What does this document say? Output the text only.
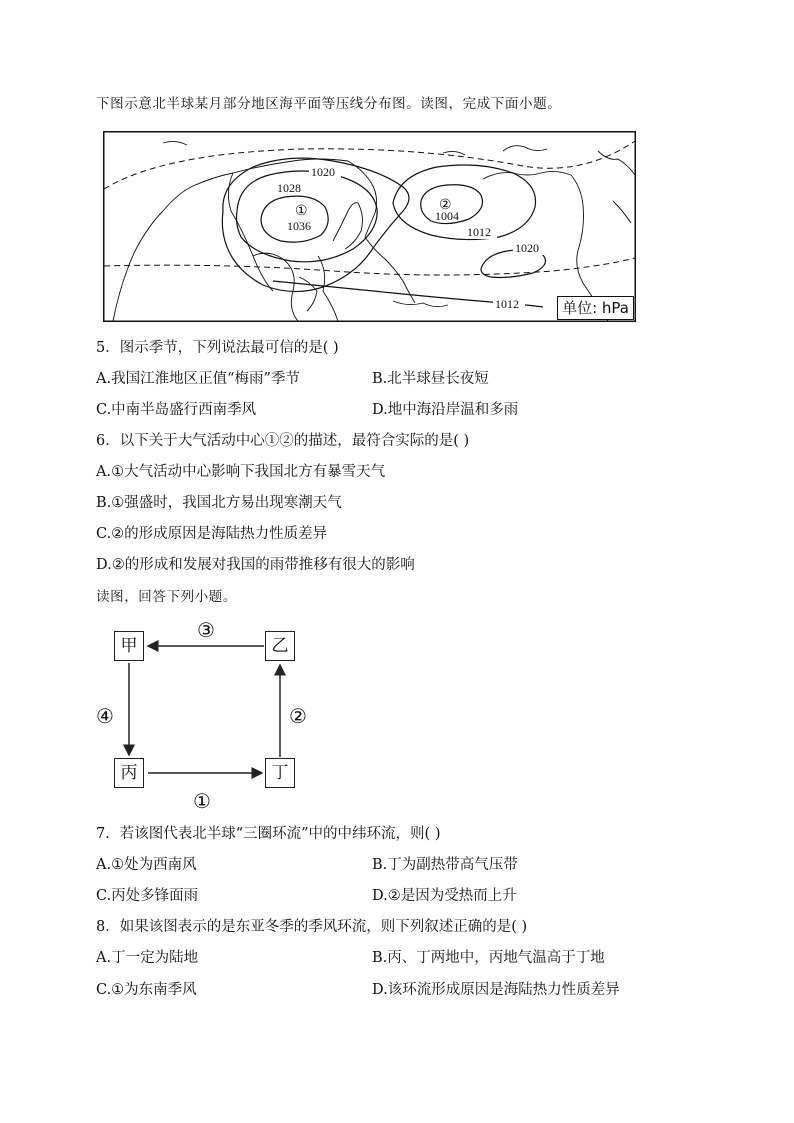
下图示意北半球某月部分地区海平面等压线分布图。读图，完成下面小题。
1020
1028
①
1036
②
1004
1012
1020
1012	单位: hPa
5．图示季节，下列说法最可信的是( )
A.我国江淮地区正值“梅雨”季节	B.北半球昼长夜短
C.中南半岛盛行西南季风	D.地中海沿岸温和多雨
6．以下关于大气活动中心①②的描述，最符合实际的是( )
A.①大气活动中心影响下我国北方有暴雪天气
B.①强盛时，我国北方易出现寒潮天气
C.②的形成原因是海陆热力性质差异
D.②的形成和发展对我国的雨带推移有很大的影响
读图，回答下列小题。
甲	乙
丙	丁
③
④	②
①
7．若该图代表北半球“三圈环流”中的中纬环流，则( )
A.①处为西南风	B.丁为副热带高气压带
C.丙处多锋面雨	D.②是因为受热而上升
8．如果该图表示的是东亚冬季的季风环流，则下列叙述正确的是( )
A.丁一定为陆地	B.丙、丁两地中，丙地气温高于丁地
C.①为东南季风	D.该环流形成原因是海陆热力性质差异
